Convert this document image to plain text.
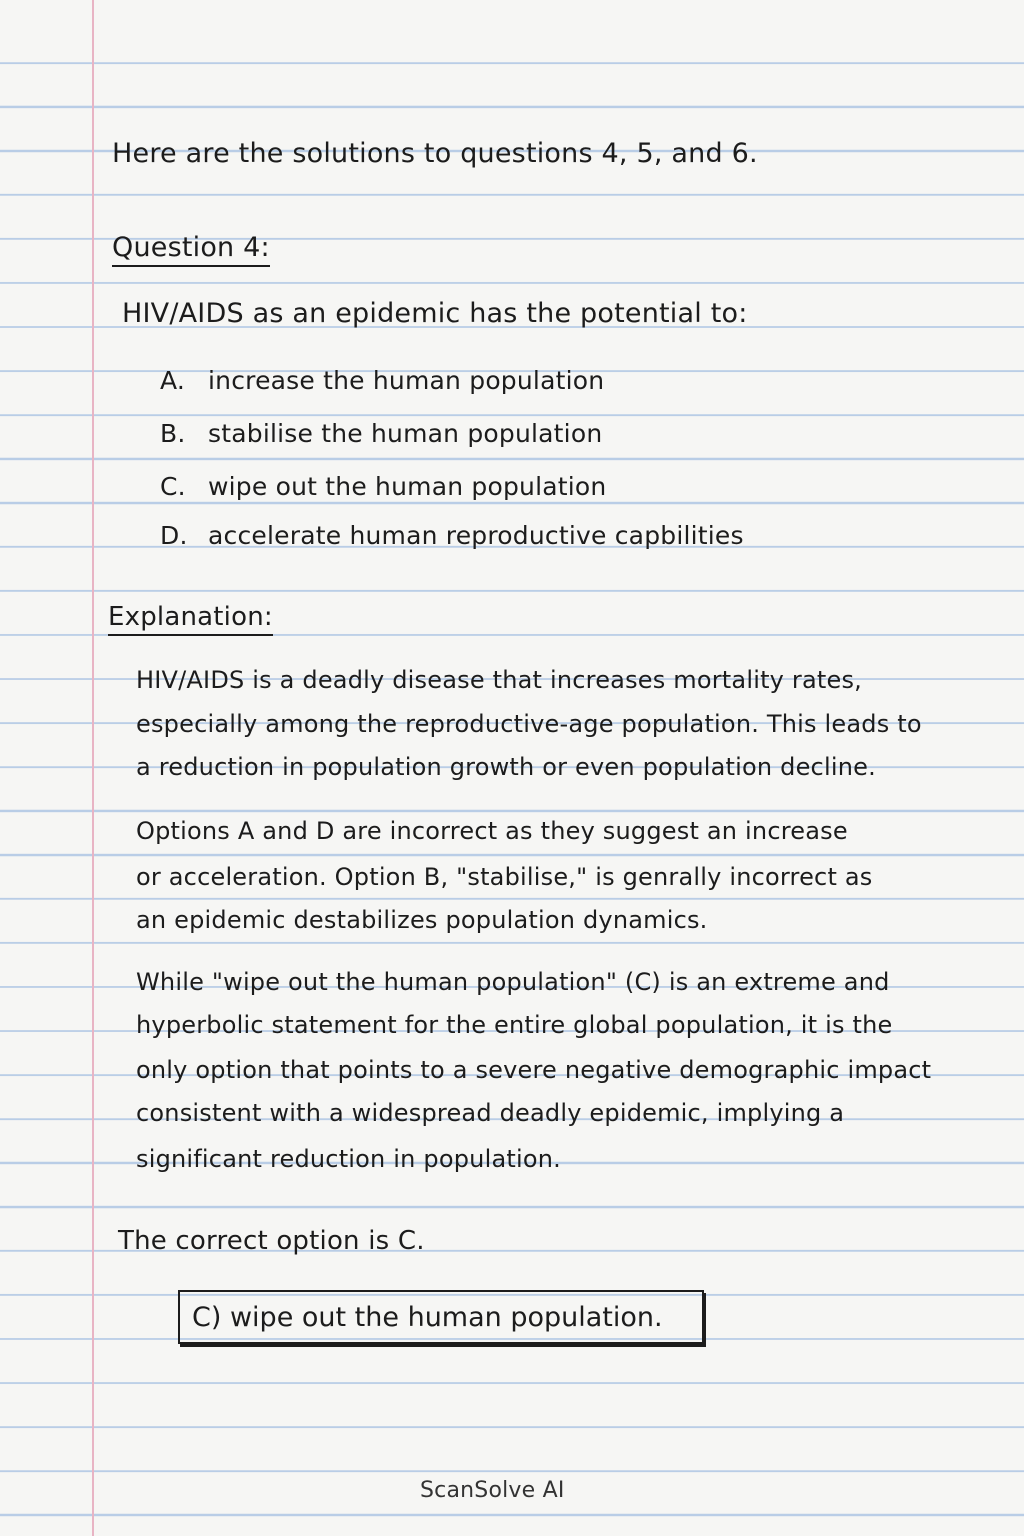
Here are the solutions to questions 4, 5, and 6.
Question 4:
HIV/AIDS as an epidemic has the potential to:
A. increase the human population
B. stabilise the human population
C. wipe out the human population
D. accelerate human reproductive capbilities
Explanation:
HIV/AIDS is a deadly disease that increases mortality rates,
especially among the reproductive-age population. This leads to
a reduction in population growth or even population decline.
Options A and D are incorrect as they suggest an increase
or acceleration. Option B, "stabilise," is genrally incorrect as
an epidemic destabilizes population dynamics.
While "wipe out the human population" (C) is an extreme and
hyperbolic statement for the entire global population, it is the
only option that points to a severe negative demographic impact
consistent with a widespread deadly epidemic, implying a
significant reduction in population.
The correct option is C.
C) wipe out the human population.
ScanSolve AI
